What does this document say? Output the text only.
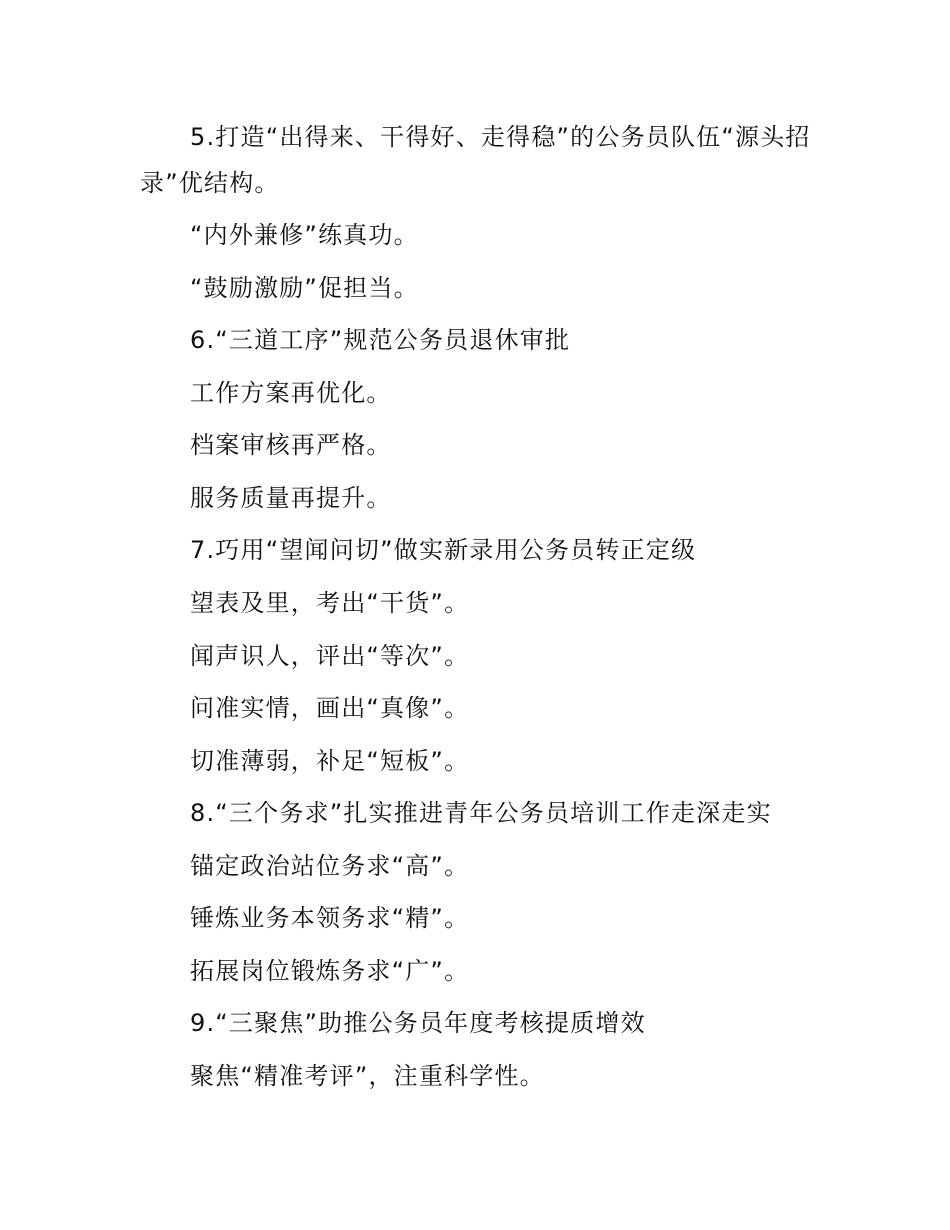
5.打造“出得来、干得好、走得稳”的公务员队伍“源头招录”优结构。

“内外兼修”练真功。

“鼓励激励”促担当。

6.“三道工序”规范公务员退休审批

工作方案再优化。

档案审核再严格。

服务质量再提升。

7.巧用“望闻问切”做实新录用公务员转正定级

望表及里，考出“干货”。

闻声识人，评出“等次”。

问准实情，画出“真像”。

切准薄弱，补足“短板”。

8.“三个务求”扎实推进青年公务员培训工作走深走实

锚定政治站位务求“高”。

锤炼业务本领务求“精”。

拓展岗位锻炼务求“广”。

9.“三聚焦”助推公务员年度考核提质增效

聚焦“精准考评”，注重科学性。
